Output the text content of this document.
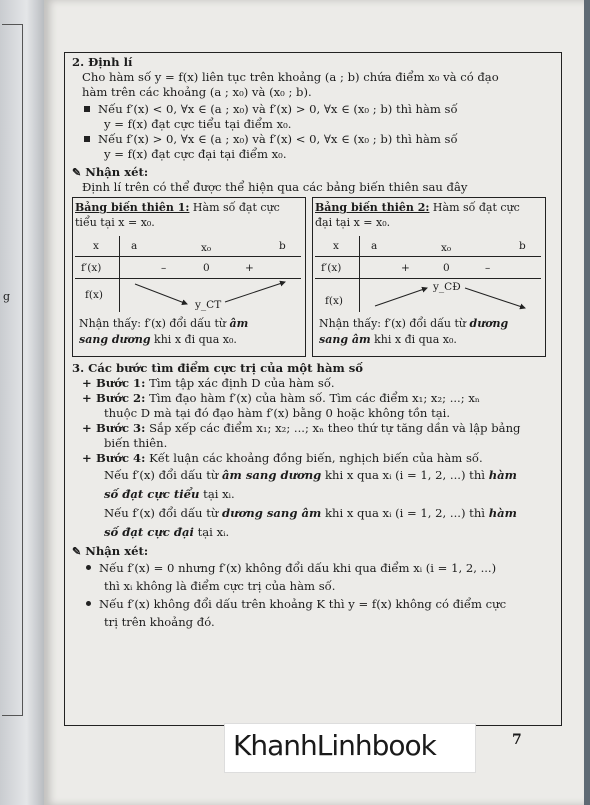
g
2. Định lí
Cho hàm số y = f(x) liên tục trên khoảng (a ; b) chứa điểm x₀ và có đạo
hàm trên các khoảng (a ; x₀) và (x₀ ; b).
Nếu f′(x) < 0, ∀x ∈ (a ; x₀) và f′(x) > 0, ∀x ∈ (x₀ ; b) thì hàm số
y = f(x) đạt cực tiểu tại điểm x₀.
Nếu f′(x) > 0, ∀x ∈ (a ; x₀) và f′(x) < 0, ∀x ∈ (x₀ ; b) thì hàm số
y = f(x) đạt cực đại tại điểm x₀.
✎ Nhận xét:
Định lí trên có thể được thể hiện qua các bảng biến thiên sau đây
Bảng biến thiên 1: Hàm số đạt cực
tiểu tại x = x₀.
x	a	x₀	b
f′(x)	–	0	+
f(x)
y_CT
Nhận thấy: f′(x) đổi dấu từ âm
sang dương khi x đi qua x₀.
Bảng biến thiên 2: Hàm số đạt cực
đại tại x = x₀.
x	a	x₀	b
f′(x)	+	0	–
f(x)
y_CĐ
Nhận thấy: f′(x) đổi dấu từ dương
sang âm khi x đi qua x₀.
3. Các bước tìm điểm cực trị của một hàm số
+ Bước 1: Tìm tập xác định D của hàm số.
+ Bước 2: Tìm đạo hàm f′(x) của hàm số. Tìm các điểm x₁; x₂; ...; xₙ
thuộc D mà tại đó đạo hàm f′(x) bằng 0 hoặc không tồn tại.
+ Bước 3: Sắp xếp các điểm x₁; x₂; ...; xₙ theo thứ tự tăng dần và lập bảng
biến thiên.
+ Bước 4: Kết luận các khoảng đồng biến, nghịch biến của hàm số.
Nếu f′(x) đổi dấu từ âm sang dương khi x qua xᵢ (i = 1, 2, ...) thì hàm
số đạt cực tiểu tại xᵢ.
Nếu f′(x) đổi dấu từ dương sang âm khi x qua xᵢ (i = 1, 2, ...) thì hàm
số đạt cực đại tại xᵢ.
✎ Nhận xét:
Nếu f′(x) = 0 nhưng f′(x) không đổi dấu khi qua điểm xᵢ (i = 1, 2, ...)
thì xᵢ không là điểm cực trị của hàm số.
Nếu f′(x) không đổi dấu trên khoảng K thì y = f(x) không có điểm cực
trị trên khoảng đó.
KhanhLinhbook	7
